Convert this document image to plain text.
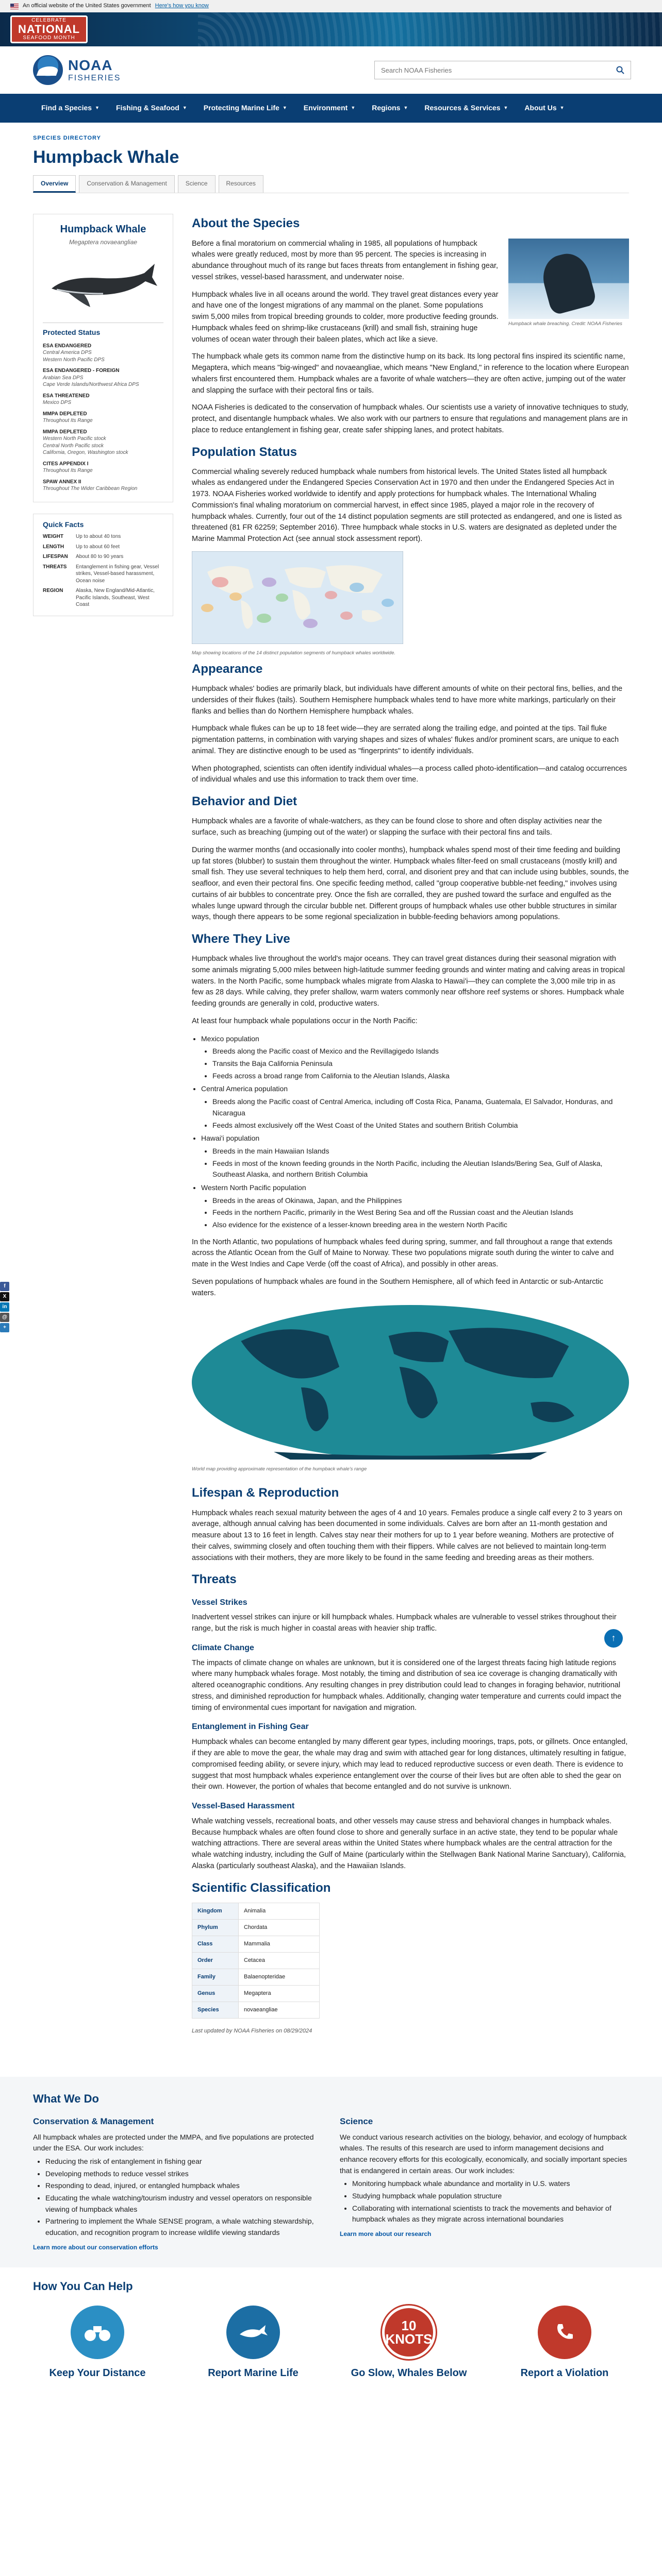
An official website of the United States government Here's how you know
CELEBRATE
NATIONAL
SEAFOOD MONTH
NOAA
FISHERIES
Search NOAA Fisheries
Find a Species ▼ Fishing & Seafood ▼ Protecting Marine Life ▼ Environment ▼ Regions ▼ Resources & Services ▼ About Us ▼
SPECIES DIRECTORY
Humpback Whale
Overview	Conservation & Management	Science	Resources
Humpback Whale
Megaptera novaeangliae
Protected Status
ESA ENDANGERED
Central America DPS
Western North Pacific DPS
ESA ENDANGERED - FOREIGN
Arabian Sea DPS
Cape Verde Islands/Northwest Africa DPS
ESA THREATENED
Mexico DPS
MMPA DEPLETED
Throughout Its Range
MMPA DEPLETED
Western North Pacific stock
Central North Pacific stock
California, Oregon, Washington stock
CITES APPENDIX I
Throughout Its Range
SPAW ANNEX II
Throughout The Wider Caribbean Region
Quick Facts
WEIGHT	Up to about 40 tons
LENGTH	Up to about 60 feet
LIFESPAN	About 80 to 90 years
THREATS	Entanglement in fishing gear, Vessel strikes, Vessel-based harassment, Ocean noise
REGION	Alaska, New England/Mid-Atlantic, Pacific Islands, Southeast, West Coast
About the Species
Humpback whale breaching. Credit: NOAA Fisheries

Before a final moratorium on commercial whaling in 1985, all populations of humpback whales were greatly reduced, most by more than 95 percent. The species is increasing in abundance throughout much of its range but faces threats from entanglement in fishing gear, vessel strikes, vessel-based harassment, and underwater noise.

Humpback whales live in all oceans around the world. They travel great distances every year and have one of the longest migrations of any mammal on the planet. Some populations swim 5,000 miles from tropical breeding grounds to colder, more productive feeding grounds. Humpback whales feed on shrimp-like crustaceans (krill) and small fish, straining huge volumes of ocean water through their baleen plates, which act like a sieve.

The humpback whale gets its common name from the distinctive hump on its back. Its long pectoral fins inspired its scientific name, Megaptera, which means "big-winged" and novaeangliae, which means "New England," in reference to the location where European whalers first encountered them. Humpback whales are a favorite of whale watchers—they are often active, jumping out of the water and slapping the surface with their pectoral fins or tails.

NOAA Fisheries is dedicated to the conservation of humpback whales. Our scientists use a variety of innovative techniques to study, protect, and disentangle humpback whales. We also work with our partners to ensure that regulations and management plans are in place to reduce entanglement in fishing gear, create safer shipping lanes, and protect habitats.

Population Status

Commercial whaling severely reduced humpback whale numbers from historical levels. The United States listed all humpback whales as endangered under the Endangered Species Conservation Act in 1970 and then under the Endangered Species Act in 1973. NOAA Fisheries worked worldwide to identify and apply protections for humpback whales. The International Whaling Commission's final whaling moratorium on commercial harvest, in effect since 1985, played a major role in the recovery of humpback whales. Currently, four out of the 14 distinct population segments are still protected as endangered, and one is listed as threatened (81 FR 62259; September 2016). Three humpback whale stocks in U.S. waters are designated as depleted under the Marine Mammal Protection Act (see annual stock assessment report).

Map showing locations of the 14 distinct population segments of humpback whales worldwide.
Appearance

Humpback whales' bodies are primarily black, but individuals have different amounts of white on their pectoral fins, bellies, and the undersides of their flukes (tails). Southern Hemisphere humpback whales tend to have more white markings, particularly on their flanks and bellies than do Northern Hemisphere humpback whales.

Humpback whale flukes can be up to 18 feet wide—they are serrated along the trailing edge, and pointed at the tips. Tail fluke pigmentation patterns, in combination with varying shapes and sizes of whales' flukes and/or prominent scars, are unique to each animal. They are distinctive enough to be used as "fingerprints" to identify individuals.

When photographed, scientists can often identify individual whales—a process called photo-identification—and catalog occurrences of individual whales and use this information to track them over time.

Behavior and Diet

Humpback whales are a favorite of whale-watchers, as they can be found close to shore and often display activities near the surface, such as breaching (jumping out of the water) or slapping the surface with their pectoral fins and tails.

During the warmer months (and occasionally into cooler months), humpback whales spend most of their time feeding and building up fat stores (blubber) to sustain them throughout the winter. Humpback whales filter-feed on small crustaceans (mostly krill) and small fish. They use several techniques to help them herd, corral, and disorient prey and that can include using bubbles, sounds, the seafloor, and even their pectoral fins. One specific feeding method, called "group cooperative bubble-net feeding," involves using curtains of air bubbles to concentrate prey. Once the fish are corralled, they are pushed toward the surface and engulfed as the whales lunge upward through the circular bubble net. Different groups of humpback whales use other bubble structures in similar ways, though there appears to be some regional specialization in bubble-feeding behaviors among populations.

Where They Live

Humpback whales live throughout the world's major oceans. They can travel great distances during their seasonal migration with some animals migrating 5,000 miles between high-latitude summer feeding grounds and winter mating and calving areas in tropical waters. In the North Pacific, some humpback whales migrate from Alaska to Hawai'i—they can complete the 3,000 mile trip in as few as 28 days. While calving, they prefer shallow, warm waters commonly near offshore reef systems or shores. Humpback whale feeding grounds are generally in cold, productive waters.

At least four humpback whale populations occur in the North Pacific:

• Mexico population
• Breeds along the Pacific coast of Mexico and the Revillagigedo Islands
• Transits the Baja California Peninsula
• Feeds across a broad range from California to the Aleutian Islands, Alaska
• Central America population
• Breeds along the Pacific coast of Central America, including off Costa Rica, Panama, Guatemala, El Salvador, Honduras, and Nicaragua
• Feeds almost exclusively off the West Coast of the United States and southern British Columbia
• Hawai'i population
• Breeds in the main Hawaiian Islands
• Feeds in most of the known feeding grounds in the North Pacific, including the Aleutian Islands/Bering Sea, Gulf of Alaska, Southeast Alaska, and northern British Columbia
• Western North Pacific population
• Breeds in the areas of Okinawa, Japan, and the Philippines
• Feeds in the northern Pacific, primarily in the West Bering Sea and off the Russian coast and the Aleutian Islands
• Also evidence for the existence of a lesser-known breeding area in the western North Pacific

In the North Atlantic, two populations of humpback whales feed during spring, summer, and fall throughout a range that extends across the Atlantic Ocean from the Gulf of Maine to Norway. These two populations migrate south during the winter to calve and mate in the West Indies and Cape Verde (off the coast of Africa), and possibly in other areas.

Seven populations of humpback whales are found in the Southern Hemisphere, all of which feed in Antarctic or sub-Antarctic waters.

World map providing approximate representation of the humpback whale's range
Lifespan & Reproduction

Humpback whales reach sexual maturity between the ages of 4 and 10 years. Females produce a single calf every 2 to 3 years on average, although annual calving has been documented in some individuals. Calves are born after an 11-month gestation and measure about 13 to 16 feet in length. Calves stay near their mothers for up to 1 year before weaning. Mothers are protective of their calves, swimming closely and often touching them with their flippers. While calves are not believed to maintain long-term associations with their mothers, they are more likely to be found in the same feeding and breeding areas as their mothers.

Threats
Vessel Strikes

Inadvertent vessel strikes can injure or kill humpback whales. Humpback whales are vulnerable to vessel strikes throughout their range, but the risk is much higher in coastal areas with heavier ship traffic.

Climate Change

The impacts of climate change on whales are unknown, but it is considered one of the largest threats facing high latitude regions where many humpback whales forage. Most notably, the timing and distribution of sea ice coverage is changing dramatically with altered oceanographic conditions. Any resulting changes in prey distribution could lead to changes in foraging behavior, nutritional stress, and diminished reproduction for humpback whales. Additionally, changing water temperature and currents could impact the timing of environmental cues important for navigation and migration.

Entanglement in Fishing Gear

Humpback whales can become entangled by many different gear types, including moorings, traps, pots, or gillnets. Once entangled, if they are able to move the gear, the whale may drag and swim with attached gear for long distances, ultimately resulting in fatigue, compromised feeding ability, or severe injury, which may lead to reduced reproductive success or even death. There is evidence to suggest that most humpback whales experience entanglement over the course of their lives but are often able to shed the gear on their own. However, the portion of whales that become entangled and do not survive is unknown.

Vessel-Based Harassment

Whale watching vessels, recreational boats, and other vessels may cause stress and behavioral changes in humpback whales. Because humpback whales are often found close to shore and generally surface in an active state, they tend to be popular whale watching attractions. There are several areas within the United States where humpback whales are the central attraction for the whale watching industry, including the Gulf of Maine (particularly within the Stellwagen Bank National Marine Sanctuary), California, Alaska (particularly southeast Alaska), and the Hawaiian Islands.

Scientific Classification
Kingdom	Animalia
Phylum	Chordata
Class	Mammalia
Order	Cetacea
Family	Balaenopteridae
Genus	Megaptera
Species	novaeangliae
Last updated by NOAA Fisheries on 08/29/2024
What We Do
Conservation & Management

All humpback whales are protected under the MMPA, and five populations are protected under the ESA. Our work includes:

• Reducing the risk of entanglement in fishing gear
• Developing methods to reduce vessel strikes
• Responding to dead, injured, or entangled humpback whales
• Educating the whale watching/tourism industry and vessel operators on responsible viewing of humpback whales
• Partnering to implement the Whale SENSE program, a whale watching stewardship, education, and recognition program to increase wildlife viewing standards
Learn more about our conservation efforts
Science

We conduct various research activities on the biology, behavior, and ecology of humpback whales. The results of this research are used to inform management decisions and enhance recovery efforts for this ecologically, economically, and socially important species that is endangered in certain areas. Our work includes:

• Monitoring humpback whale abundance and mortality in U.S. waters
• Studying humpback whale population structure
• Collaborating with international scientists to track the movements and behavior of humpback whales as they migrate across international boundaries
Learn more about our research
How You Can Help
Keep Your Distance	Report Marine Life
10 KNOTS
Go Slow, Whales Below	Report a Violation
f
X
in
@
+
↑
